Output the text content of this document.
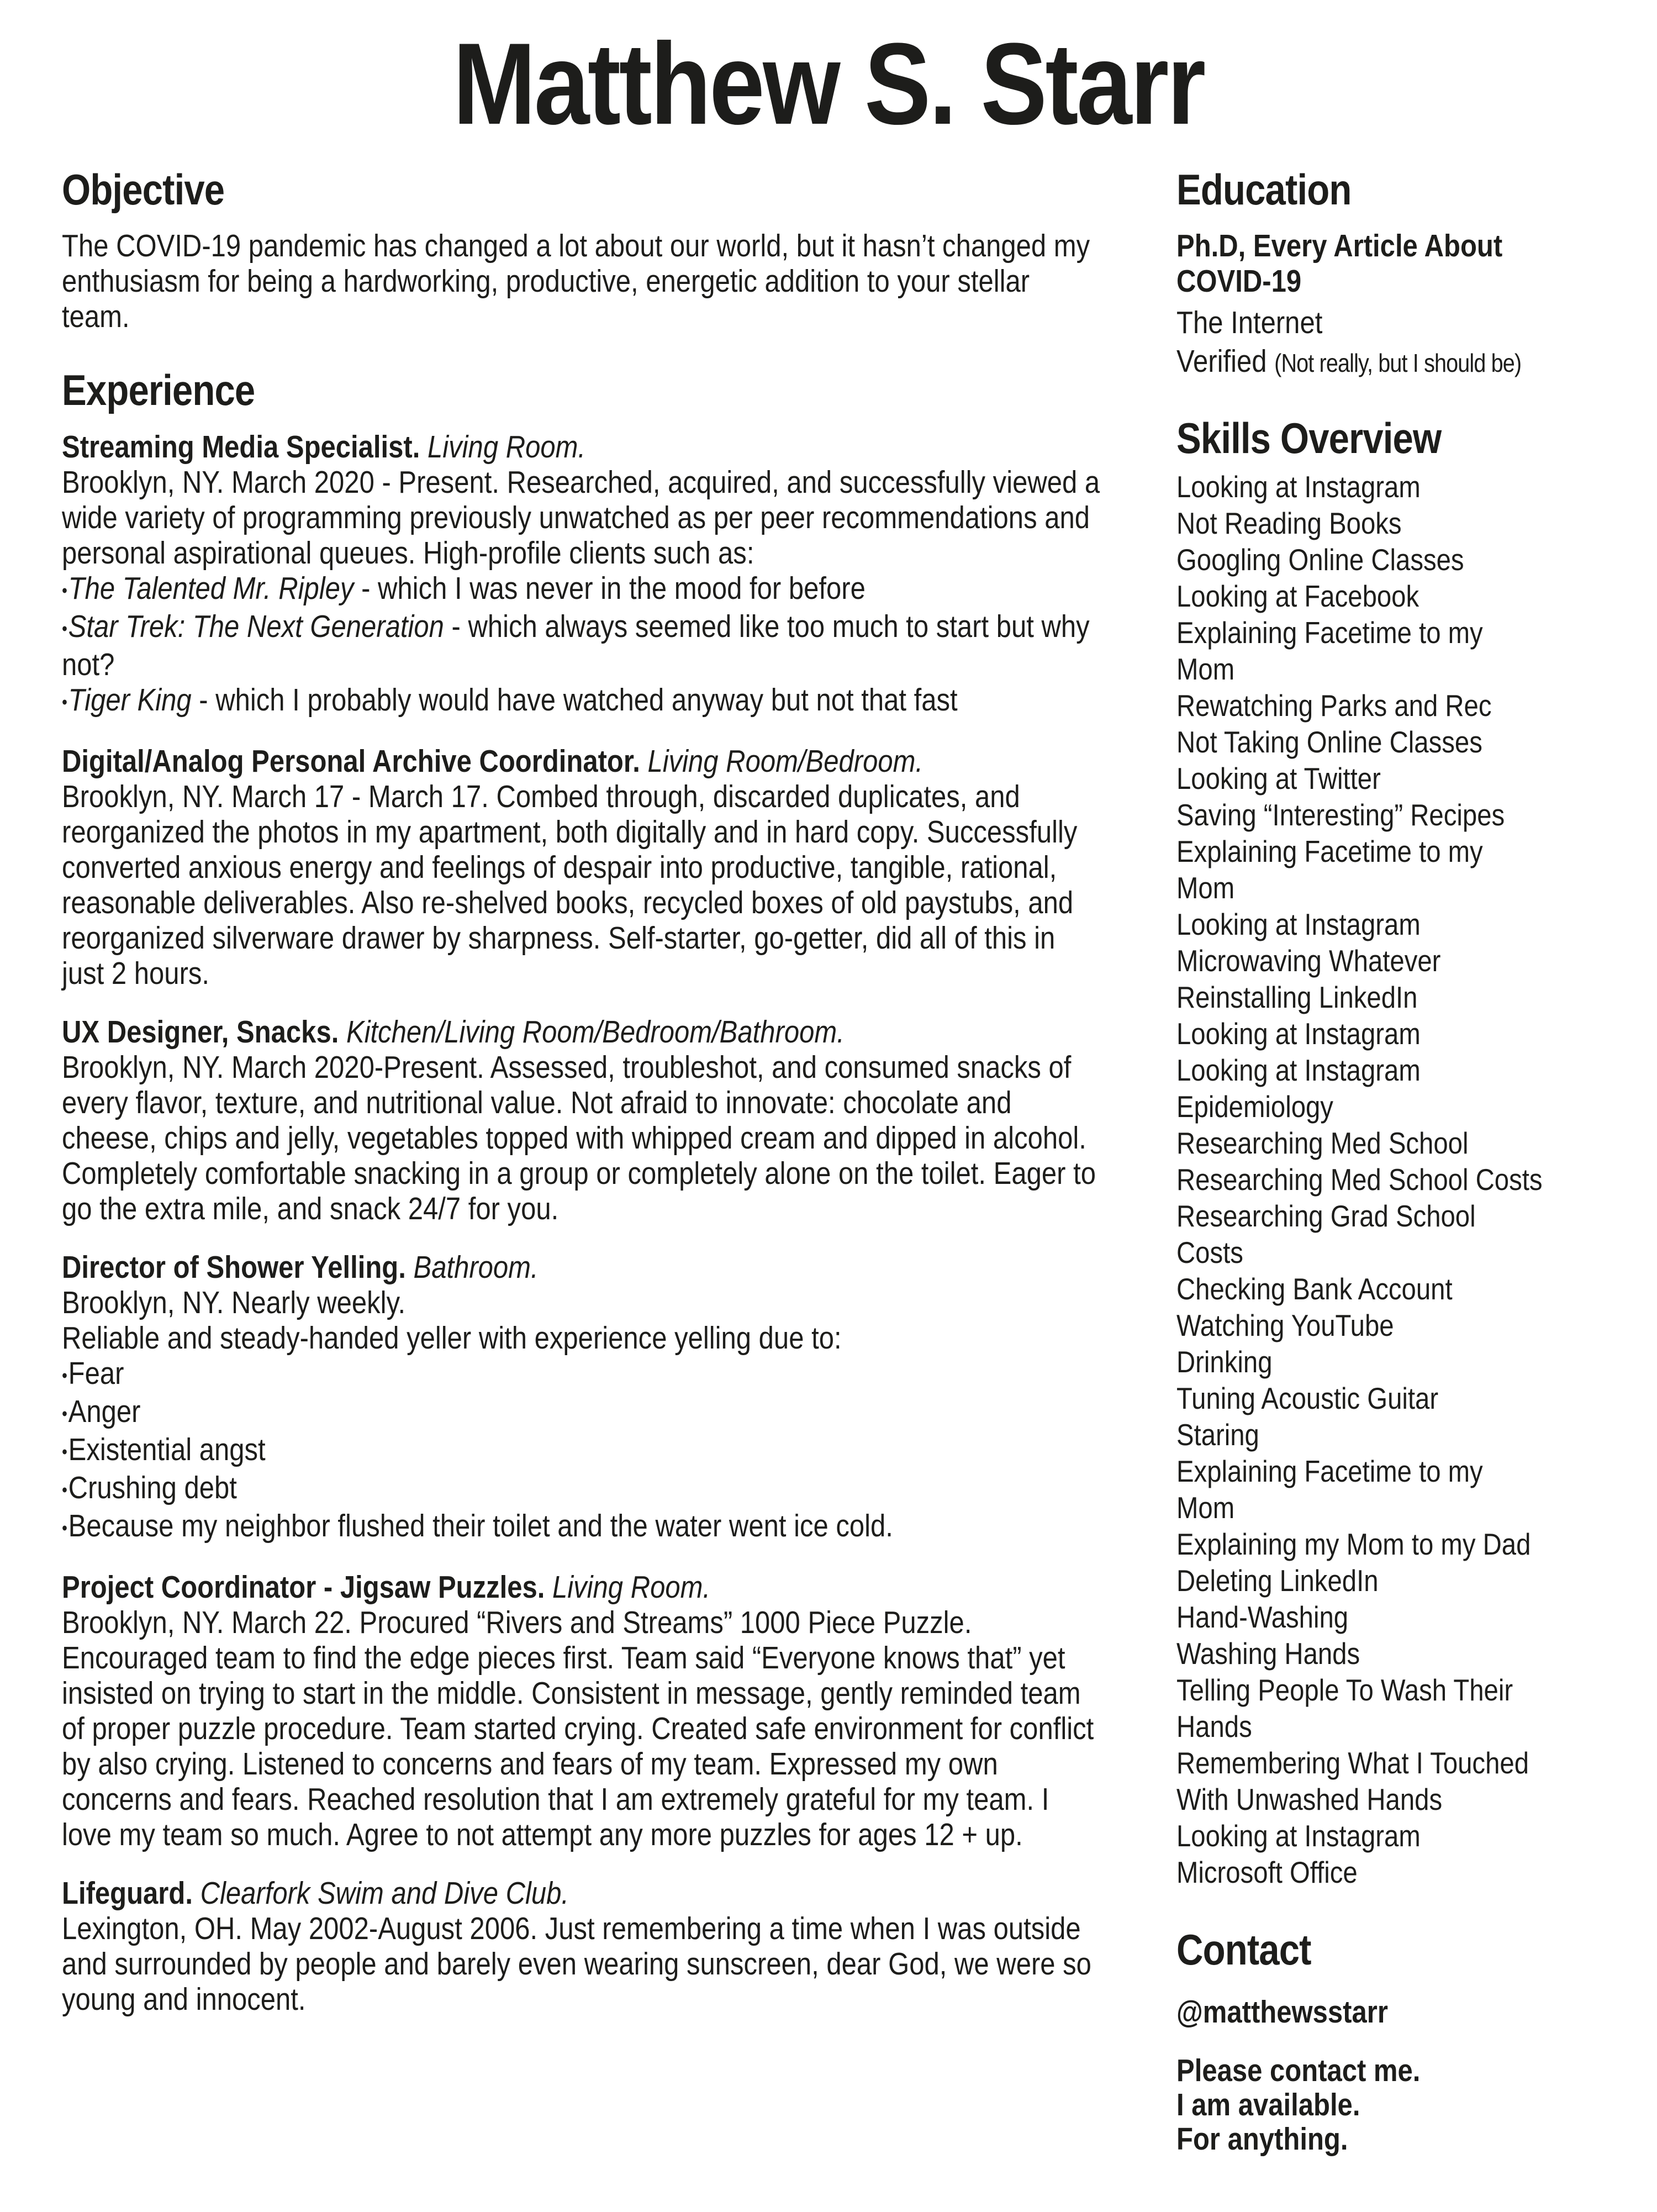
Matthew S. Starr
Objective
The COVID-19 pandemic has changed a lot about our world, but it hasn’t changed my enthusiasm for being a hardworking, productive, energetic addition to your stellar team.
Experience
Streaming Media Specialist. Living Room.
Brooklyn, NY. March 2020 - Present. Researched, acquired, and successfully viewed a wide variety of programming previously unwatched as per peer recommendations and personal aspirational queues. High-profile clients such as:
•The Talented Mr. Ripley - which I was never in the mood for before
•Star Trek: The Next Generation - which always seemed like too much to start but why not?
•Tiger King - which I probably would have watched anyway but not that fast
Digital/Analog Personal Archive Coordinator. Living Room/Bedroom.
Brooklyn, NY. March 17 - March 17. Combed through, discarded duplicates, and reorganized the photos in my apartment, both digitally and in hard copy. Successfully converted anxious energy and feelings of despair into productive, tangible, rational, reasonable deliverables. Also re-shelved books, recycled boxes of old paystubs, and reorganized silverware drawer by sharpness. Self-starter, go-getter, did all of this in just 2 hours.
UX Designer, Snacks. Kitchen/Living Room/Bedroom/Bathroom.
Brooklyn, NY. March 2020-Present. Assessed, troubleshot, and consumed snacks of every flavor, texture, and nutritional value. Not afraid to innovate: chocolate and cheese, chips and jelly, vegetables topped with whipped cream and dipped in alcohol. Completely comfortable snacking in a group or completely alone on the toilet. Eager to go the extra mile, and snack 24/7 for you.
Director of Shower Yelling. Bathroom.
Brooklyn, NY. Nearly weekly.
Reliable and steady-handed yeller with experience yelling due to:
•Fear
•Anger
•Existential angst
•Crushing debt
•Because my neighbor flushed their toilet and the water went ice cold.
Project Coordinator - Jigsaw Puzzles. Living Room.
Brooklyn, NY. March 22. Procured “Rivers and Streams” 1000 Piece Puzzle. Encouraged team to find the edge pieces first. Team said “Everyone knows that” yet insisted on trying to start in the middle. Consistent in message, gently reminded team of proper puzzle procedure. Team started crying. Created safe environment for conflict by also crying. Listened to concerns and fears of my team. Expressed my own concerns and fears. Reached resolution that I am extremely grateful for my team. I love my team so much. Agree to not attempt any more puzzles for ages 12 + up.
Lifeguard. Clearfork Swim and Dive Club.
Lexington, OH. May 2002-August 2006. Just remembering a time when I was outside and surrounded by people and barely even wearing sunscreen, dear God, we were so young and innocent.
Education
Ph.D, Every Article About COVID-19
The Internet
Verified (Not really, but I should be)
Skills Overview
Looking at Instagram
Not Reading Books
Googling Online Classes
Looking at Facebook
Explaining Facetime to my Mom
Rewatching Parks and Rec
Not Taking Online Classes
Looking at Twitter
Saving “Interesting” Recipes
Explaining Facetime to my Mom
Looking at Instagram
Microwaving Whatever
Reinstalling LinkedIn
Looking at Instagram
Looking at Instagram
Epidemiology
Researching Med School
Researching Med School Costs
Researching Grad School Costs
Checking Bank Account
Watching YouTube
Drinking
Tuning Acoustic Guitar
Staring
Explaining Facetime to my Mom
Explaining my Mom to my Dad
Deleting LinkedIn
Hand-Washing
Washing Hands
Telling People To Wash Their Hands
Remembering What I Touched With Unwashed Hands
Looking at Instagram
Microsoft Office
Contact
@matthewsstarr
Please contact me.
I am available.
For anything.
